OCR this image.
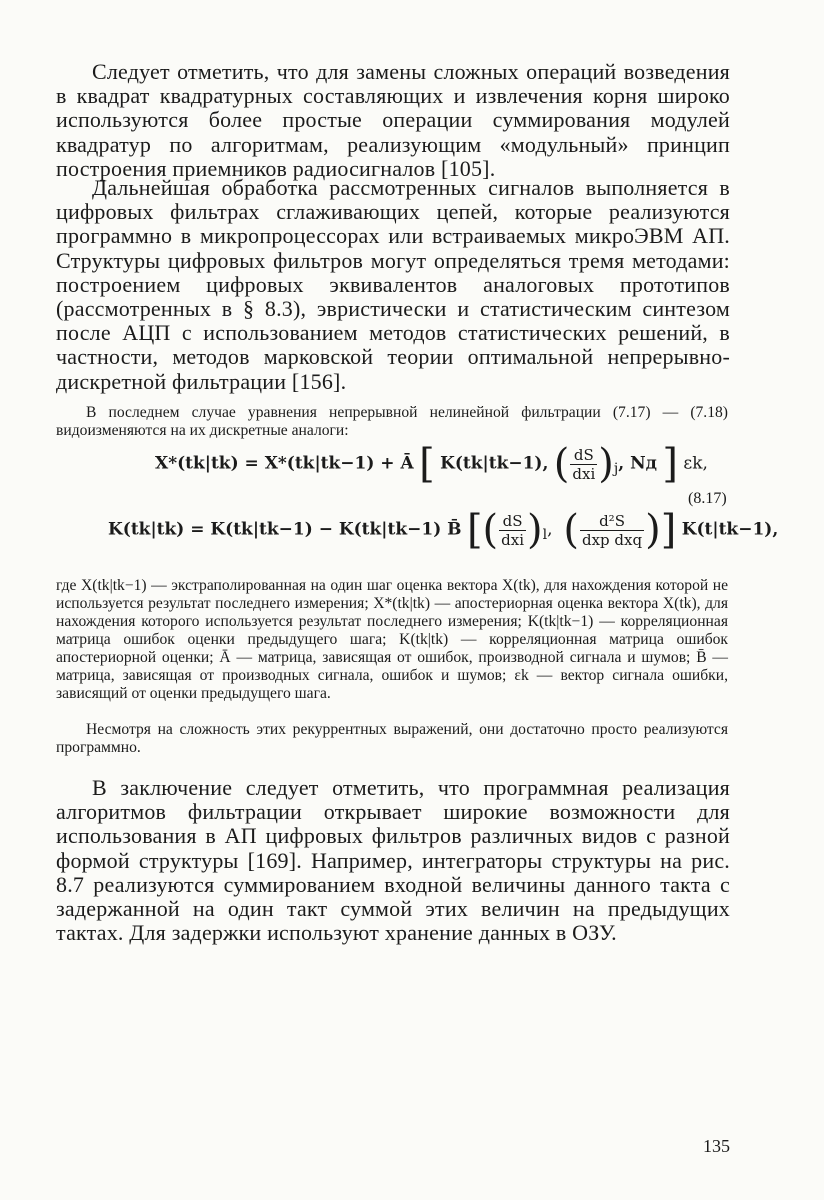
Следует отметить, что для замены сложных операций возведения в квадрат квадратурных составляющих и извлечения корня широко используются более простые операции суммирования модулей квадратур по алгоритмам, реализующим «модульный» принцип построения приемников радиосигналов [105].

Дальнейшая обработка рассмотренных сигналов выполняется в цифровых фильтрах сглаживающих цепей, которые реализуются программно в микропроцессорах или встраиваемых микроЭВМ АП. Структуры цифровых фильтров могут определяться тремя методами: построением цифровых эквивалентов аналоговых прототипов (рассмотренных в § 8.3), эвристически и статистическим синтезом после АЦП с использованием методов статистических решений, в частности, методов марковской теории оптимальной непрерывно-дискретной фильтрации [156].

В последнем случае уравнения непрерывной нелинейной фильтрации (7.17) — (7.18) видоизменяются на их дискретные аналоги:

X*(tk|tk) = X*(tk|tk−1) + Ā [ K(tk|tk−1), ( $\frac{dS}{\text{dxi}} )_j$, Nд ] εk,
(8.17)
K(tk|tk) = K(tk|tk−1) − K(tk|tk−1) B̄ [( $\frac{dS}{\text{dxi}} )_l$,  ( $\frac{\text{d²S}}{\text{dxp dxq}}$ )] K(t|tk−1),

где X(tk|tk−1) — экстраполированная на один шаг оценка вектора X(tk), для нахождения которой не используется результат последнего измерения; X*(tk|tk) — апостериорная оценка вектора X(tk), для нахождения которого используется результат последнего измерения; K(tk|tk−1) — корреляционная матрица ошибок оценки предыдущего шага; K(tk|tk) — корреляционная матрица ошибок апостериорной оценки; Ā — матрица, зависящая от ошибок, производной сигнала и шумов; B̄ — матрица, зависящая от производных сигнала, ошибок и шумов; εk — вектор сигнала ошибки, зависящий от оценки предыдущего шага.

Несмотря на сложность этих рекуррентных выражений, они достаточно просто реализуются программно.

В заключение следует отметить, что программная реализация алгоритмов фильтрации открывает широкие возможности для использования в АП цифровых фильтров различных видов с разной формой структуры [169]. Например, интеграторы структуры на рис. 8.7 реализуются суммированием входной величины данного такта с задержанной на один такт суммой этих величин на предыдущих тактах. Для задержки используют хранение данных в ОЗУ.

135
